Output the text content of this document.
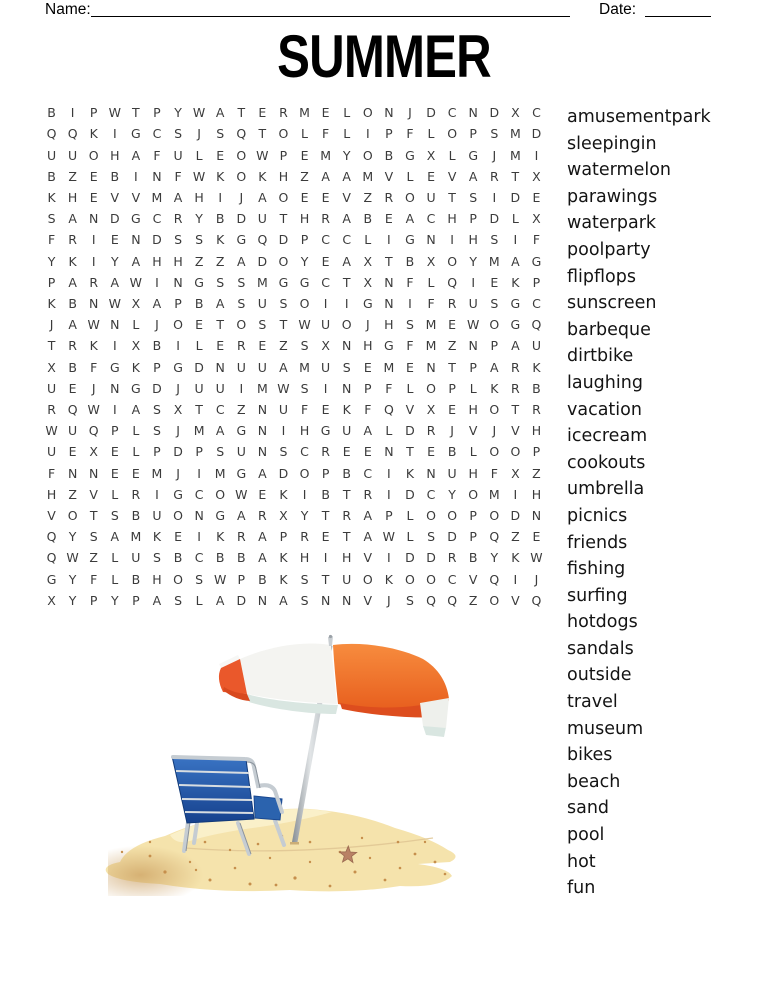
Name:	Date:
SUMMER
B	I	P W T	P	Y W A	T	E	R M E	L	O N	J	D C N D X C
Q Q K	I	G C	S	J	S Q T O	L	F	L	I	P	F	L	O P	S M D
U U O H A	F	U	L	E O W P	E M Y O B G X	L	G	J	M	I
B	Z	E	B	I	N	F W K O K H Z	A	A M V	L	E	V	A R	T	X
K H E	V	V M A H	I	J	A O E	E	V	Z R O U	T	S	I	D E
S	A N D G C R	Y	B D U	T	H R A	B	E	A C H	P	D	L	X
F	R	I	E N D S	S	K G Q D	P	C C	L	I	G N	I	H S	I	F
Y	K	I	Y	A H H Z	Z	A D O Y	E	A	X	T	B	X O Y M A G
P	A R A W	I	N G S	S M G G C	T	X N	F	L	Q	I	E	K	P
K	B N W X	A	P	B	A	S	U	S O	I	I	G N	I	F	R U	S G C
J	A W N	L	J	O E	T O S	T W U O	J	H S M E W O G Q
T	R	K	I	X	B	I	L	E	R	E	Z	S	X N H G	F M Z N	P	A U
X	B	F	G K	P G D N U U A M U	S	E M E N	T	P	A R	K
U	E	J	N G D	J	U U	I	M W S	I	N	P	F	L	O P	L	K	R B
R Q W	I	A	S	X	T	C Z N U	F	E	K	F	Q V	X	E H O T	R
W U Q P	L	S	J	M A G N	I	H G U A	L	D R	J	V	J	V H
U	E	X	E	L	P	D P	S	U N S	C R	E	E N	T	E	B	L	O O P
F	N N E	E M	J	I	M G A D O P	B C	I	K N U H	F	X	Z
H Z	V	L	R	I	G C O W E	K	I	B	T	R	I	D C	Y O M	I	H
V O T	S	B U O N G A R X	Y	T	R A	P	L	O O P O D N
Q Y	S	A M K	E	I	K	R A	P	R	E	T	A W L	S D P Q Z	E
Q W Z	L	U	S	B C B	B	A	K H	I	H V	I	D D R B	Y	K W
G Y	F	L	B H O S W P	B	K	S	T	U O K O O C V Q	I	J
X	Y	P	Y	P	A	S	L	A D N A	S N N V	J	S Q Q Z O V Q
amusementpark
sleepingin
watermelon
parawings
waterpark
poolparty
flipflops
sunscreen
barbeque
dirtbike
laughing
vacation
icecream
cookouts
umbrella
picnics
friends
fishing
surfing
hotdogs
sandals
outside
travel
museum
bikes
beach
sand
pool
hot
fun
